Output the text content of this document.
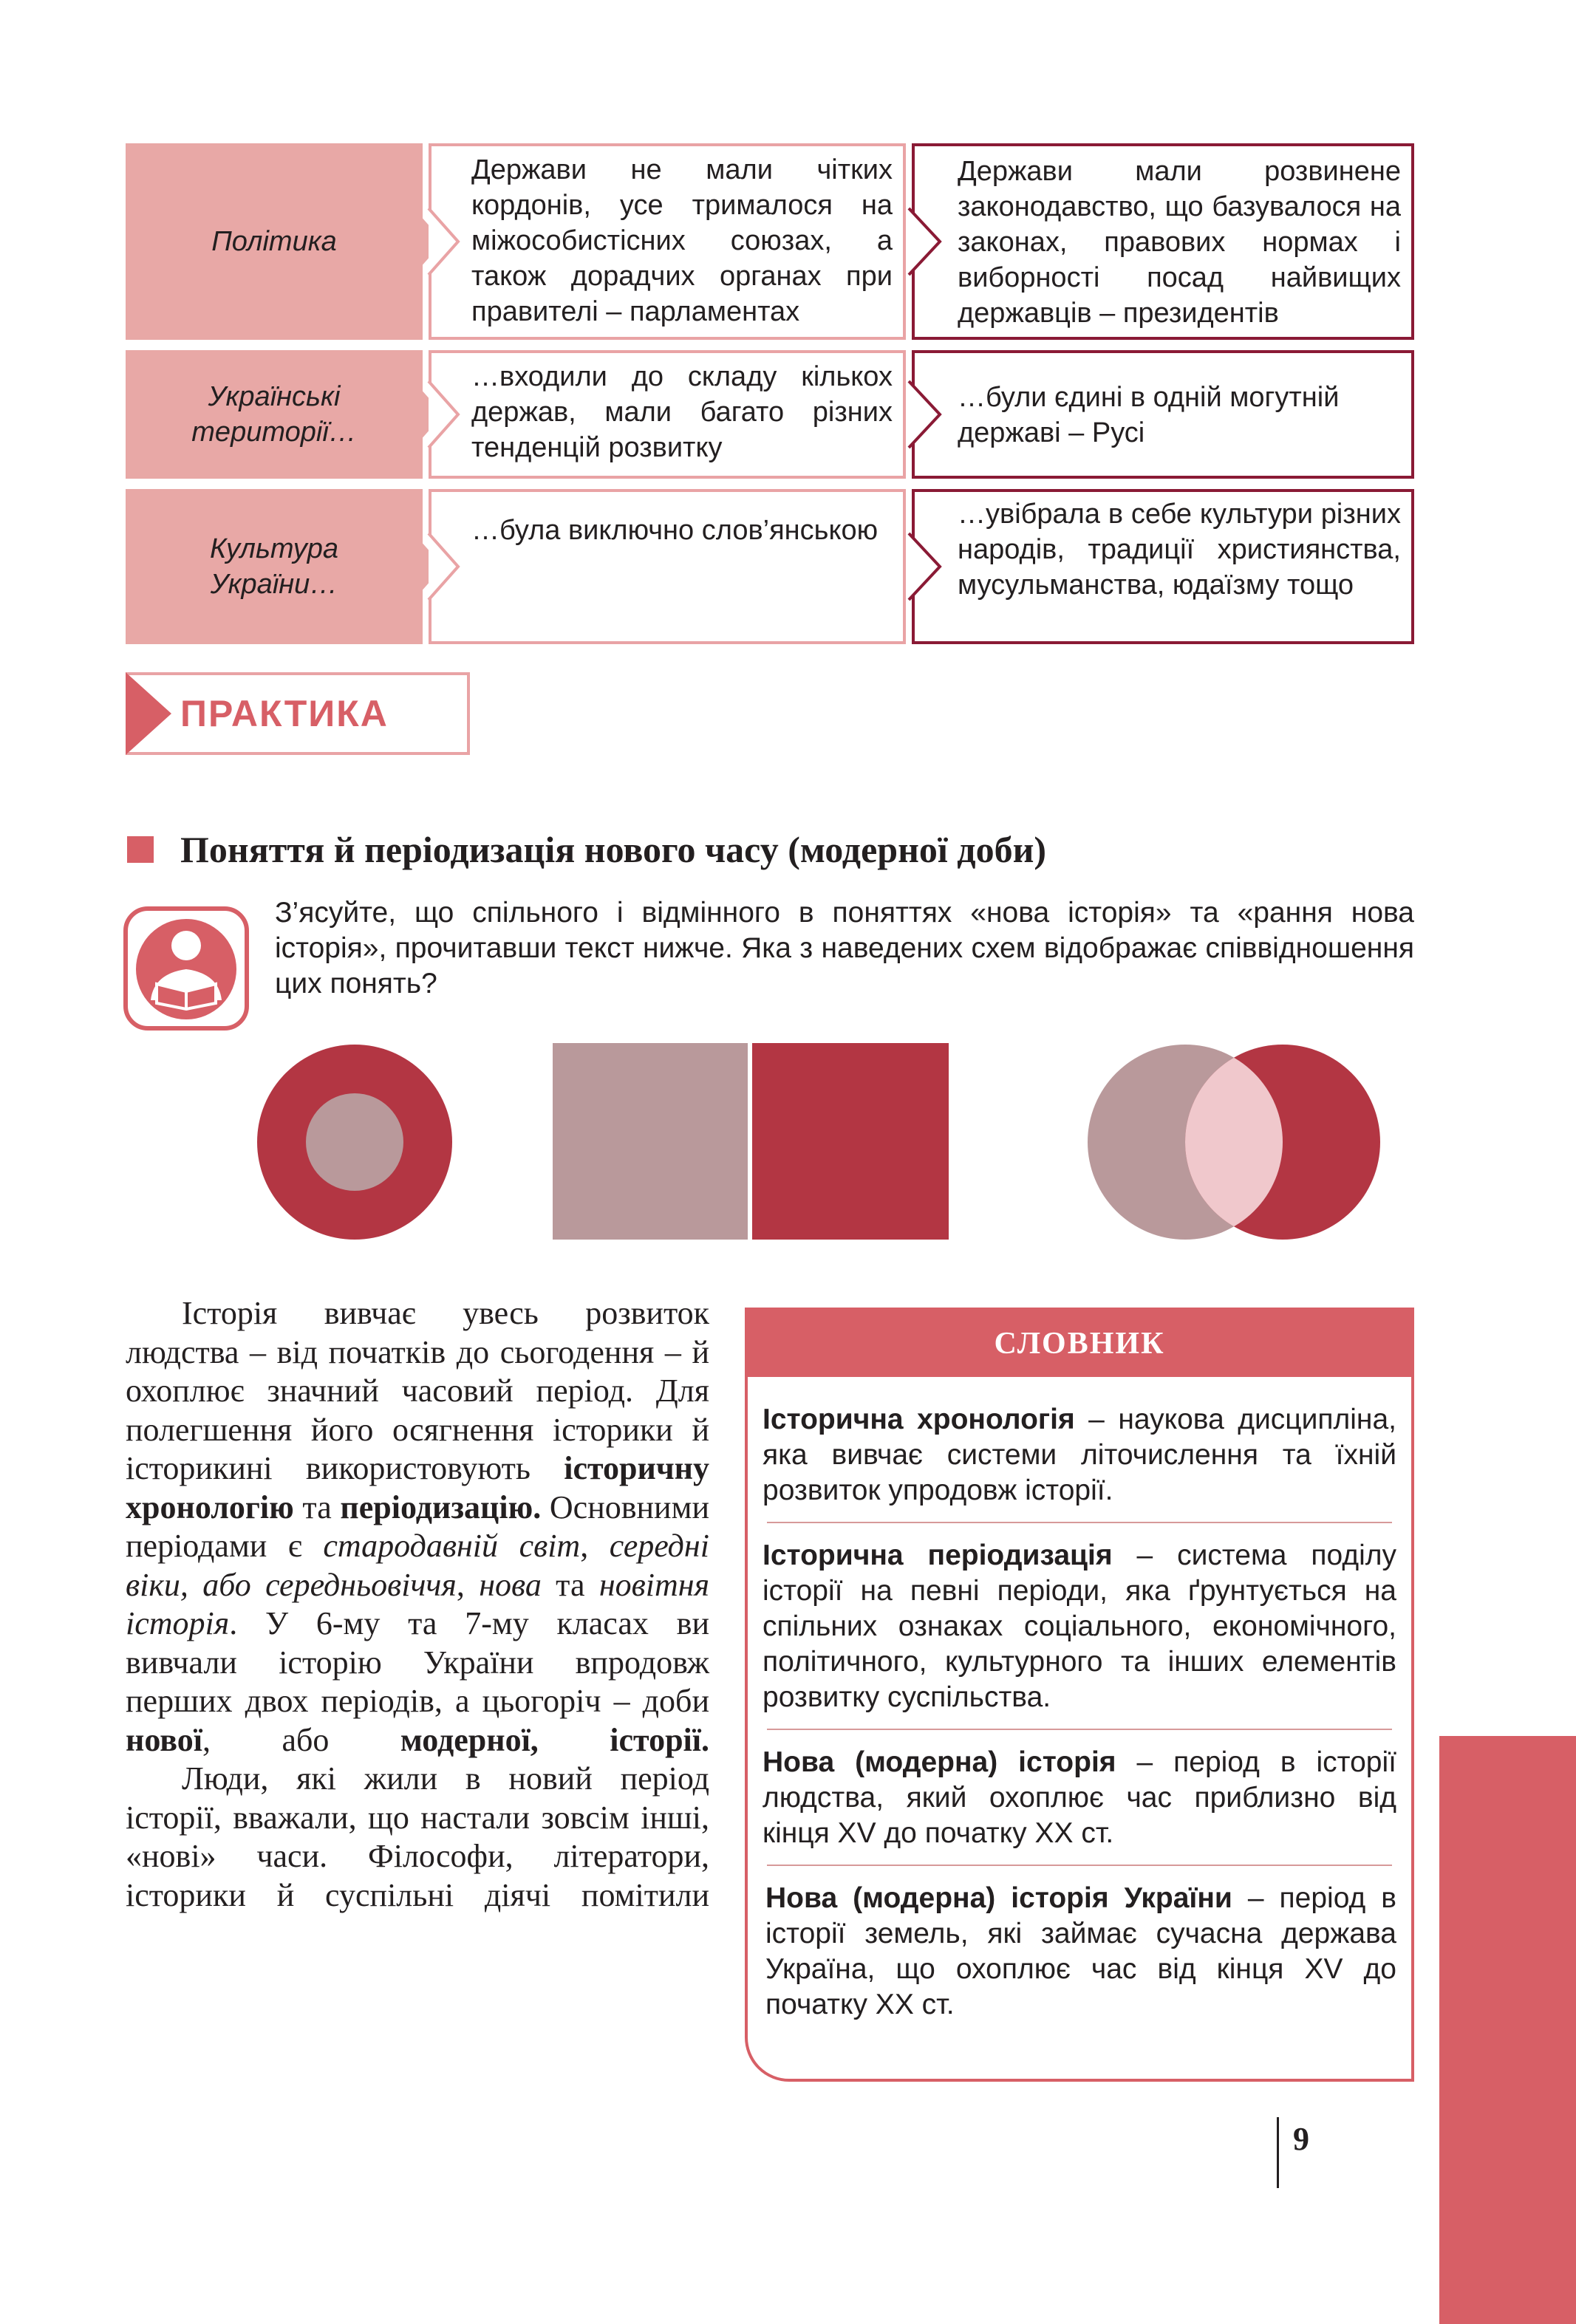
Політика
Держави не мали чітких кордонів, усе трималося на міжособистісних союзах, а також дорадчих органах при правителі – парламентах
Держави мали розвинене законодавство, що базувалося на законах, правових нормах і виборності посад найвищих державців – президентів
Українські території…
…входили до складу кількох держав, мали багато різних тенденцій розвитку
…були єдині в одній могутній державі – Русі
Культура України…
…була виключно слов’янською
…увібрала в себе культури різних народів, традиції християнства, мусульманства, юдаїзму тощо
ПРАКТИКА
Поняття й періодизація нового часу (модерної доби)
З’ясуйте, що спільного і відмінного в поняттях «нова історія» та «рання нова історія», прочитавши текст нижче. Яка з наведених схем відображає співвідношення цих понять?

Історія вивчає увесь розвиток людства – від початків до сьогодення – й охоплює значний часовий період. Для полегшення його осягнення історики й історикині використовують історичну хронологію та періодизацію. Основними періодами є стародавній світ, середні віки, або середньовіччя, нова та новітня історія. У 6-му та 7-му класах ви вивчали історію України впродовж перших двох періодів, а цьогоріч – доби нової, або модерної, історії.

Люди, які жили в новий період історії, вважали, що настали зовсім інші, «нові» часи. Філософи, літератори, історики й суспільні діячі помітили

СЛОВНИК
Історична хронологія – наукова дисципліна, яка вивчає системи літочислення та їхній розвиток упродовж історії.
Історична періодизація – система поділу історії на певні періоди, яка ґрунтується на спільних ознаках соціального, економічного, політичного, культурного та інших елементів розвитку суспільства.
Нова (модерна) історія – період в історії людства, який охоплює час приблизно від кінця XV до початку XX ст.
Нова (модерна) історія України – період в історії земель, які займає сучасна держава Україна, що охоплює час від кінця XV до початку XX ст.
9
